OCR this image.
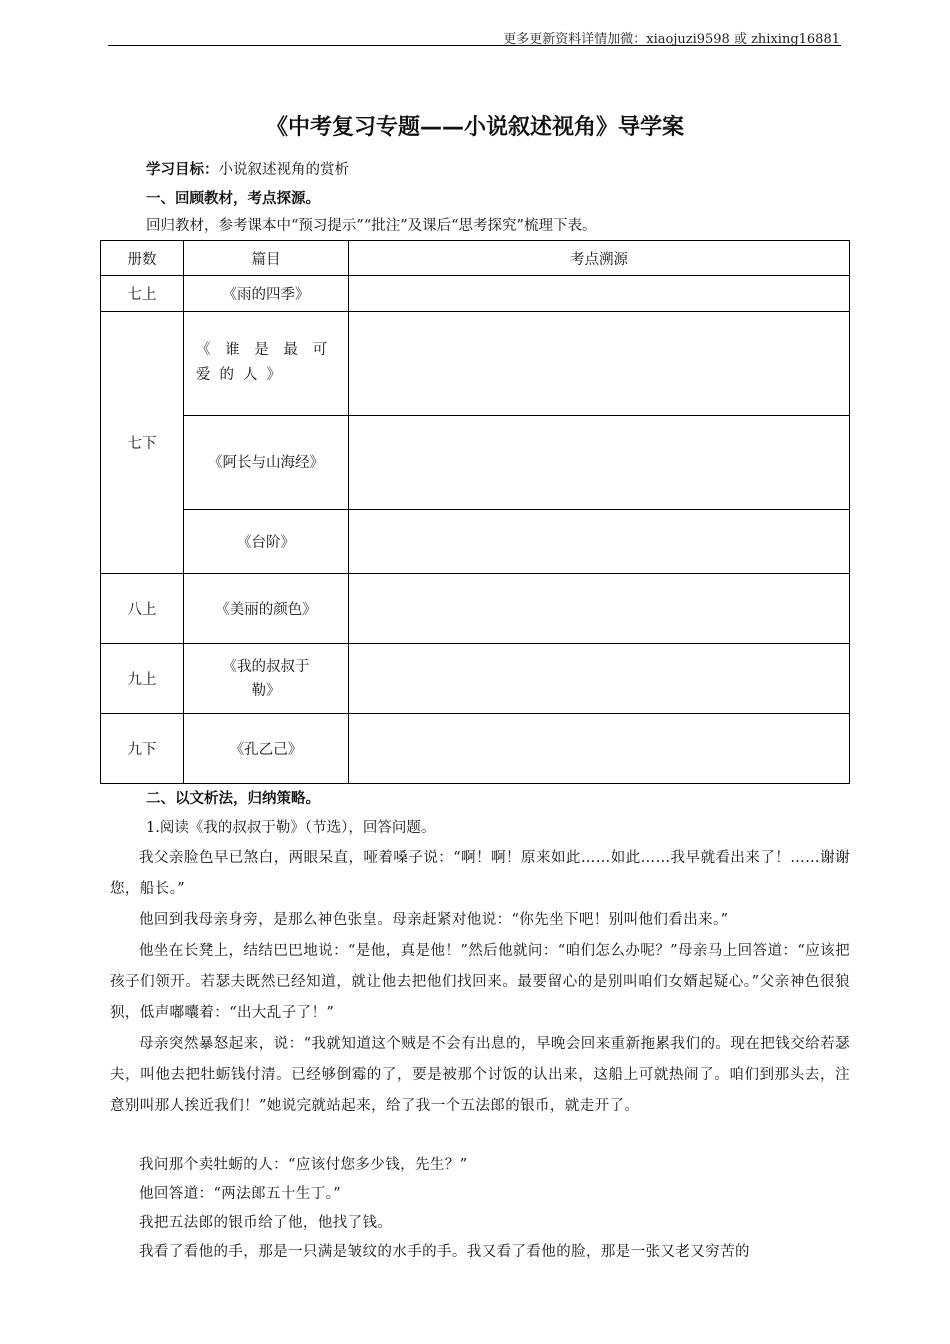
更多更新资料详情加微：xiaojuzi9598 或 zhixing16881
《中考复习专题——小说叙述视角》导学案
学习目标：小说叙述视角的赏析
一、回顾教材，考点探源。
回归教材，参考课本中“预习提示”“批注”及课后“思考探究”梳理下表。
册数	篇目	考点溯源
七上	《雨的四季》	
七下	《谁是最可爱的人》	

	《阿长与山海经》	
	《台阶》	
八上	《美丽的颜色》	
九上	《我的叔叔于勒》	
九下	《孔乙己》	
二、以文析法，归纳策略。
1.阅读《我的叔叔于勒》（节选），回答问题。
我父亲脸色早已煞白，两眼呆直，哑着嗓子说：“啊！啊！原来如此……如此……我早就看出来了！……谢谢您，船长。”
他回到我母亲身旁，是那么神色张皇。母亲赶紧对他说：“你先坐下吧！别叫他们看出来。”
他坐在长凳上，结结巴巴地说：“是他，真是他！”然后他就问：“咱们怎么办呢？”母亲马上回答道：“应该把孩子们领开。若瑟夫既然已经知道，就让他去把他们找回来。最要留心的是别叫咱们女婿起疑心。”父亲神色很狼狈，低声嘟囔着：“出大乱子了！”
母亲突然暴怒起来，说：“我就知道这个贼是不会有出息的，早晚会回来重新拖累我们的。现在把钱交给若瑟夫，叫他去把牡蛎钱付清。已经够倒霉的了，要是被那个讨饭的认出来，这船上可就热闹了。咱们到那头去，注意别叫那人挨近我们！”她说完就站起来，给了我一个五法郎的银币，就走开了。
我问那个卖牡蛎的人：“应该付您多少钱，先生？”
他回答道：“两法郎五十生丁。”
我把五法郎的银币给了他，他找了钱。
我看了看他的手，那是一只满是皱纹的水手的手。我又看了看他的脸，那是一张又老又穷苦的
